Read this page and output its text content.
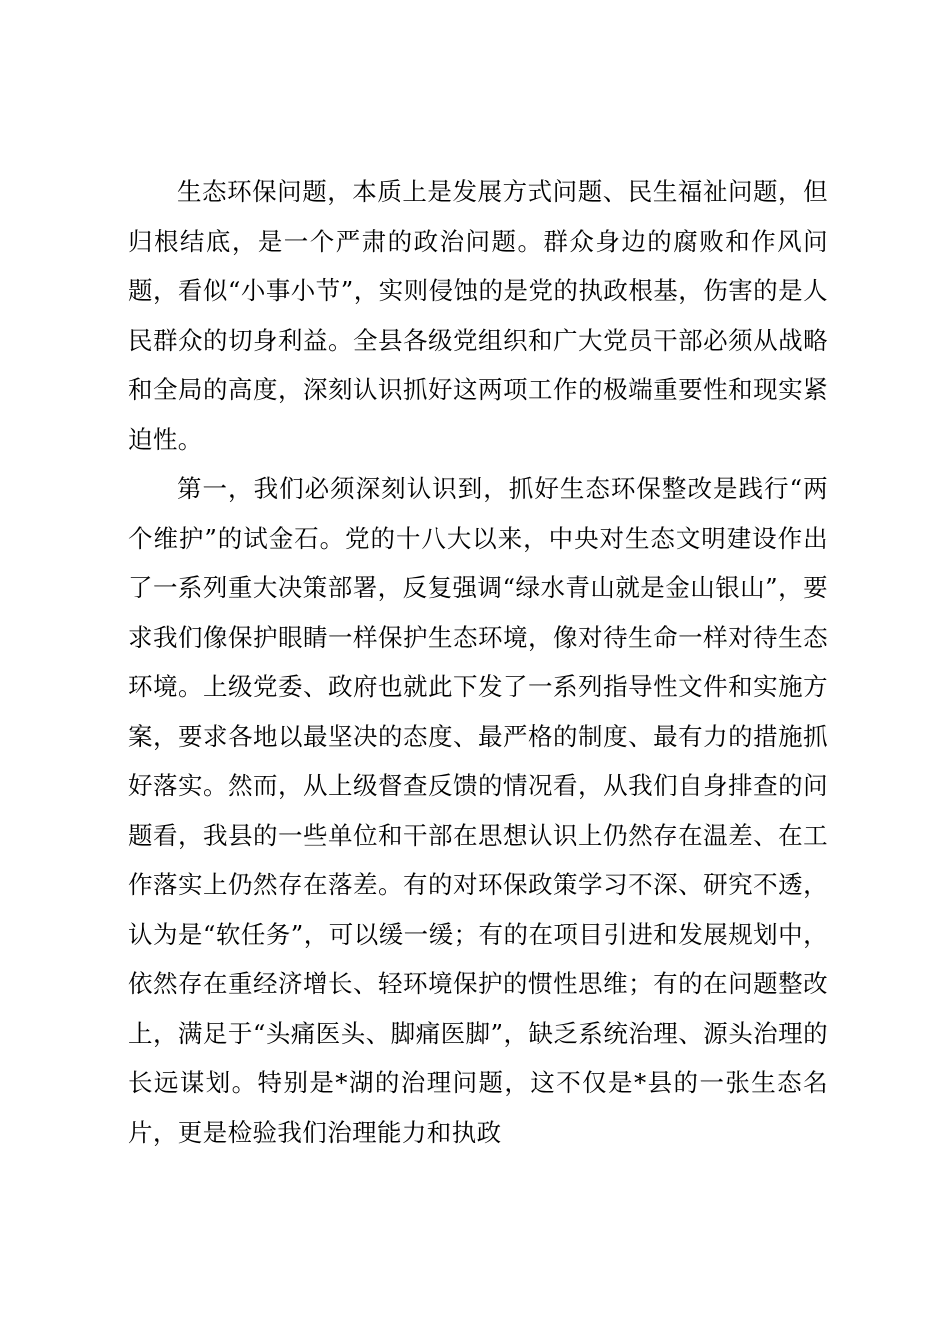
生态环保问题，本质上是发展方式问题、民生福祉问题，但归根结底，是一个严肃的政治问题。群众身边的腐败和作风问题，看似“小事小节”，实则侵蚀的是党的执政根基，伤害的是人民群众的切身利益。全县各级党组织和广大党员干部必须从战略和全局的高度，深刻认识抓好这两项工作的极端重要性和现实紧迫性。

第一，我们必须深刻认识到，抓好生态环保整改是践行“两个维护”的试金石。党的十八大以来，中央对生态文明建设作出了一系列重大决策部署，反复强调“绿水青山就是金山银山”，要求我们像保护眼睛一样保护生态环境，像对待生命一样对待生态环境。上级党委、政府也就此下发了一系列指导性文件和实施方案，要求各地以最坚决的态度、最严格的制度、最有力的措施抓好落实。然而，从上级督查反馈的情况看，从我们自身排查的问题看，我县的一些单位和干部在思想认识上仍然存在温差、在工作落实上仍然存在落差。有的对环保政策学习不深、研究不透，认为是“软任务”，可以缓一缓；有的在项目引进和发展规划中，依然存在重经济增长、轻环境保护的惯性思维；有的在问题整改上，满足于“头痛医头、脚痛医脚”，缺乏系统治理、源头治理的长远谋划。特别是*湖的治理问题，这不仅是*县的一张生态名片，更是检验我们治理能力和执政
